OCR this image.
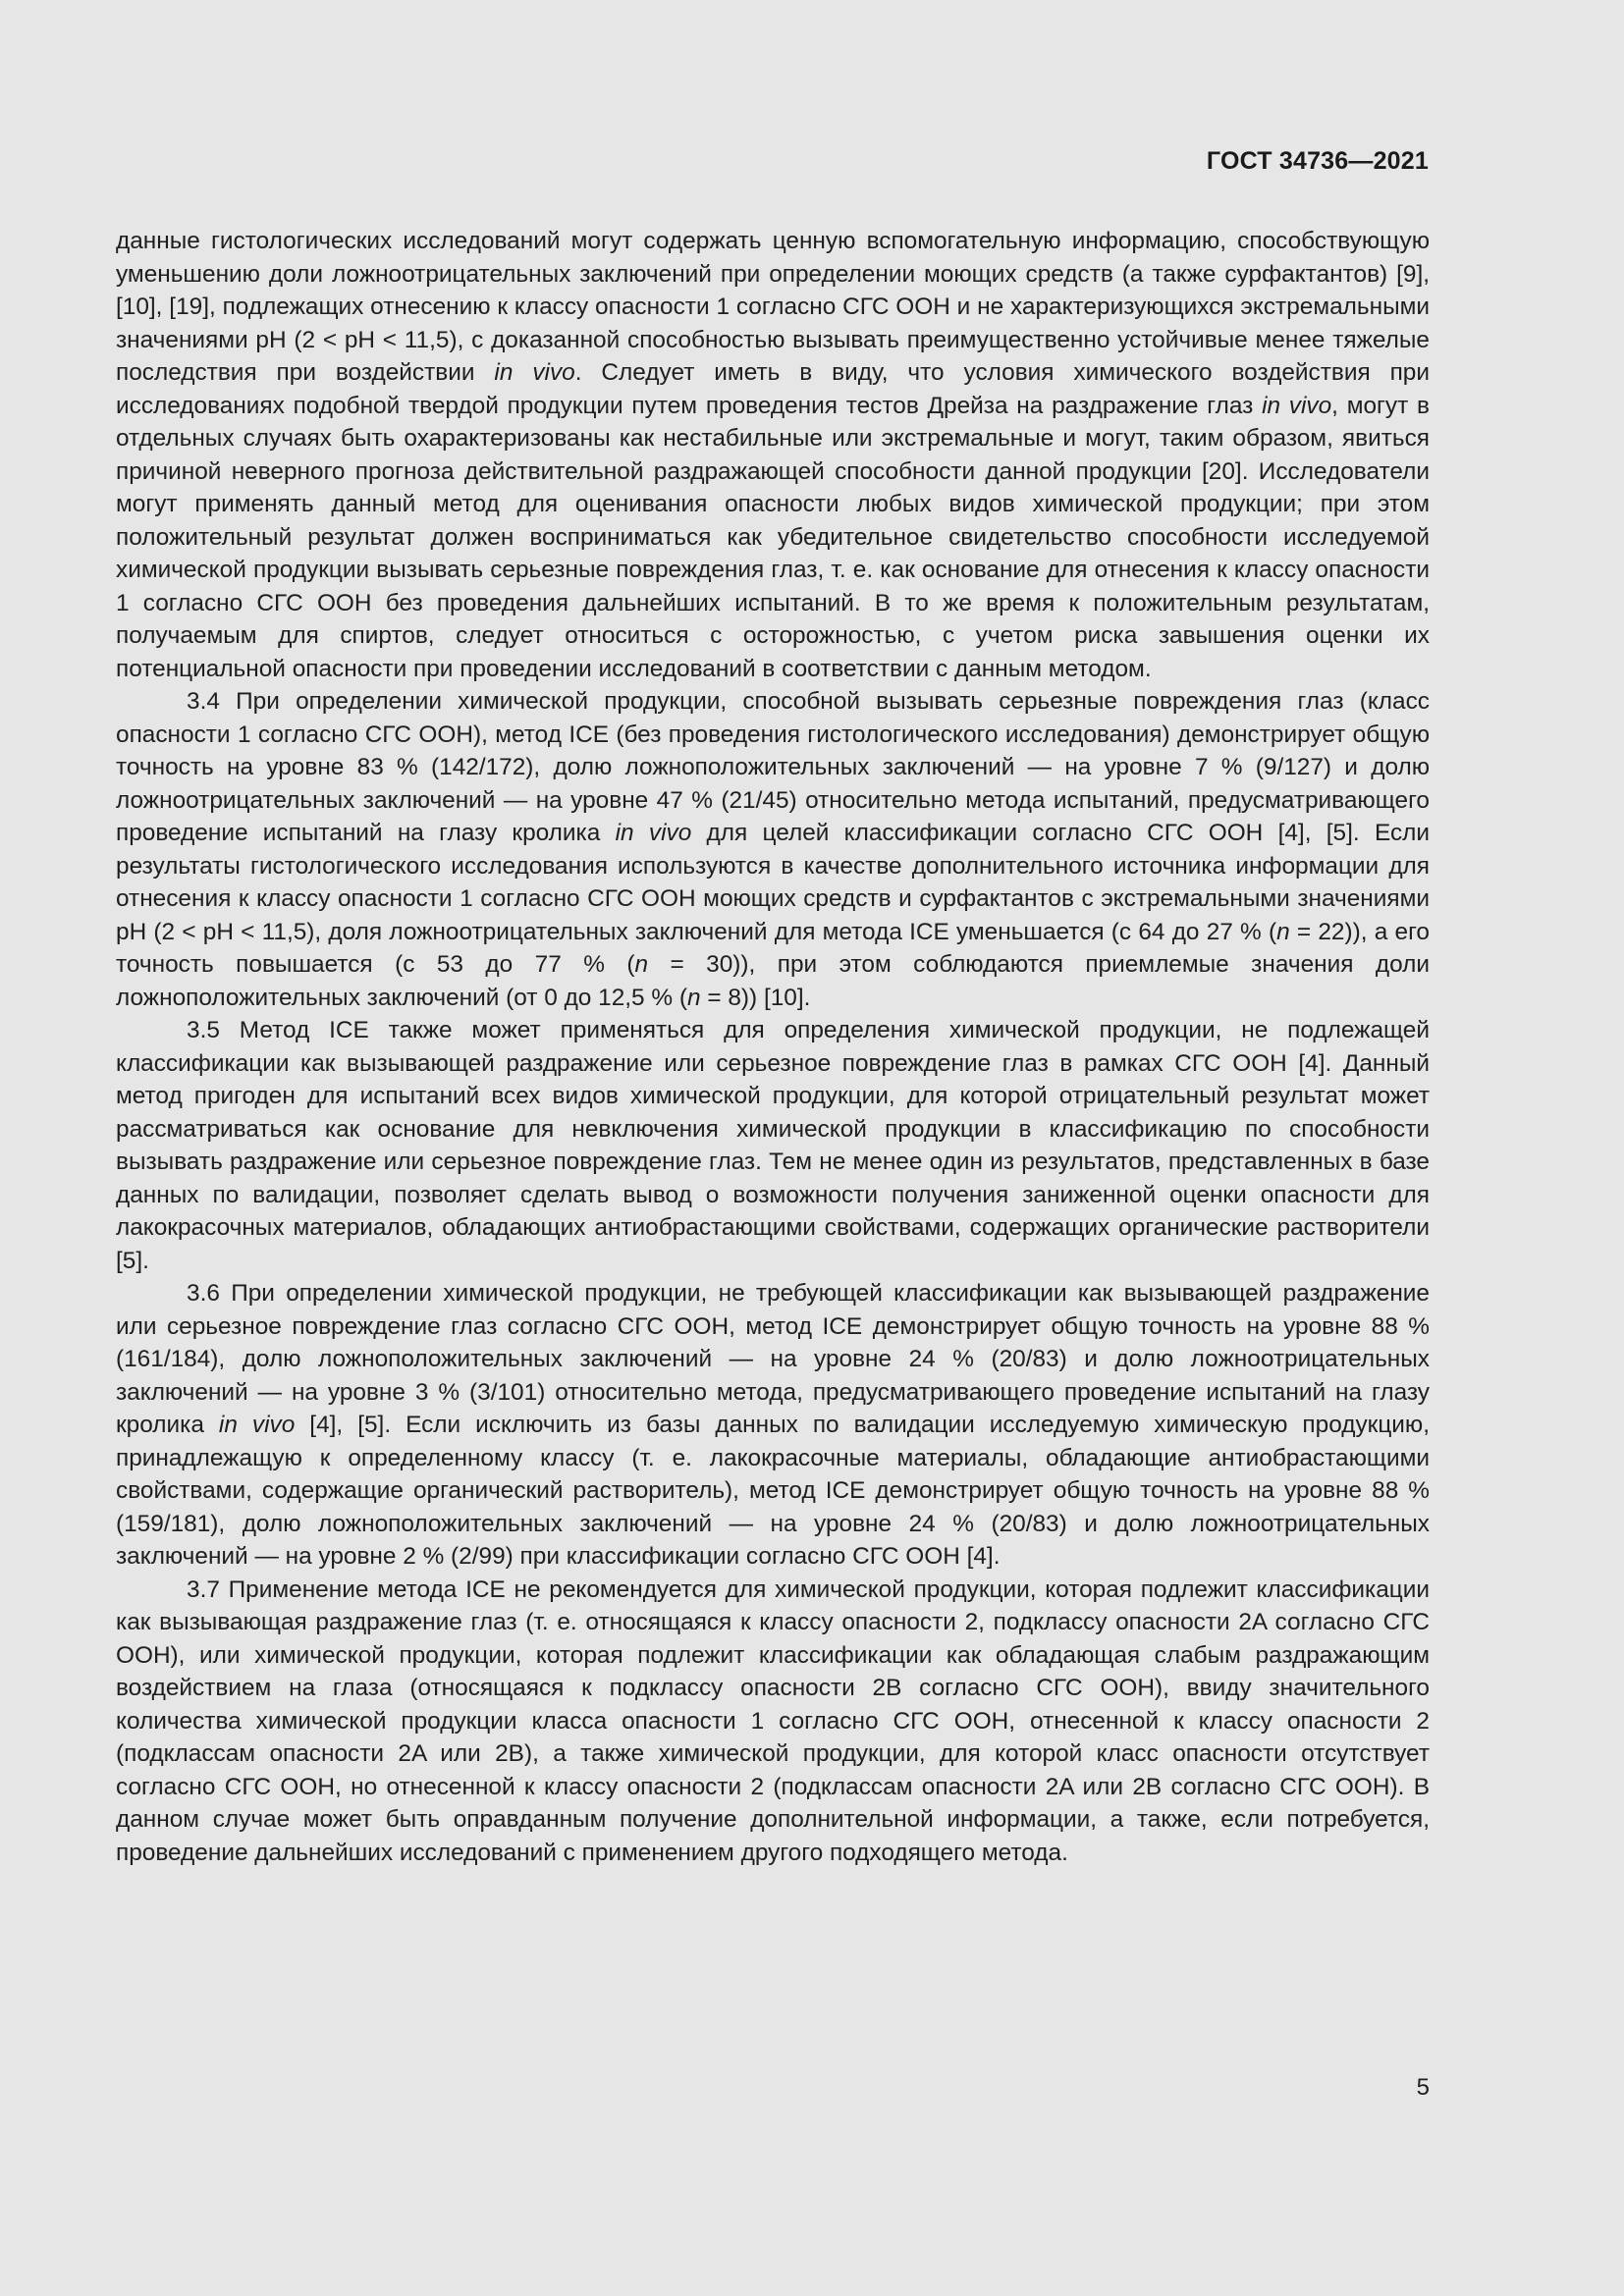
ГОСТ 34736—2021

данные гистологических исследований могут содержать ценную вспомогательную информацию, способствующую уменьшению доли ложноотрицательных заключений при определении моющих средств (а также сурфактантов) [9], [10], [19], подлежащих отнесению к классу опасности 1 согласно СГС ООН и не характеризующихся экстремальными значениями pH (2 < pH < 11,5), с доказанной способностью вызывать преимущественно устойчивые менее тяжелые последствия при воздействии in vivo. Следует иметь в виду, что условия химического воздействия при исследованиях подобной твердой продукции путем проведения тестов Дрейза на раздражение глаз in vivo, могут в отдельных случаях быть охарактеризованы как нестабильные или экстремальные и могут, таким образом, явиться причиной неверного прогноза действительной раздражающей способности данной продукции [20]. Исследователи могут применять данный метод для оценивания опасности любых видов химической продукции; при этом положительный результат должен восприниматься как убедительное свидетельство способности исследуемой химической продукции вызывать серьезные повреждения глаз, т. е. как основание для отнесения к классу опасности 1 согласно СГС ООН без проведения дальнейших испытаний. В то же время к положительным результатам, получаемым для спиртов, следует относиться с осторожностью, с учетом риска завышения оценки их потенциальной опасности при проведении исследований в соответствии с данным методом.

3.4 При определении химической продукции, способной вызывать серьезные повреждения глаз (класс опасности 1 согласно СГС ООН), метод ICE (без проведения гистологического исследования) демонстрирует общую точность на уровне 83 % (142/172), долю ложноположительных заключений — на уровне 7 % (9/127) и долю ложноотрицательных заключений — на уровне 47 % (21/45) относительно метода испытаний, предусматривающего проведение испытаний на глазу кролика in vivo для целей классификации согласно СГС ООН [4], [5]. Если результаты гистологического исследования используются в качестве дополнительного источника информации для отнесения к классу опасности 1 согласно СГС ООН моющих средств и сурфактантов с экстремальными значениями pH (2 < pH < 11,5), доля ложноотрицательных заключений для метода ICE уменьшается (с 64 до 27 % (n = 22)), а его точность повышается (с 53 до 77 % (n = 30)), при этом соблюдаются приемлемые значения доли ложноположительных заключений (от 0 до 12,5 % (n = 8)) [10].

3.5 Метод ICE также может применяться для определения химической продукции, не подлежащей классификации как вызывающей раздражение или серьезное повреждение глаз в рамках СГС ООН [4]. Данный метод пригоден для испытаний всех видов химической продукции, для которой отрицательный результат может рассматриваться как основание для невключения химической продукции в классификацию по способности вызывать раздражение или серьезное повреждение глаз. Тем не менее один из результатов, представленных в базе данных по валидации, позволяет сделать вывод о возможности получения заниженной оценки опасности для лакокрасочных материалов, обладающих антиобрастающими свойствами, содержащих органические растворители [5].

3.6 При определении химической продукции, не требующей классификации как вызывающей раздражение или серьезное повреждение глаз согласно СГС ООН, метод ICE демонстрирует общую точность на уровне 88 % (161/184), долю ложноположительных заключений — на уровне 24 % (20/83) и долю ложноотрицательных заключений — на уровне 3 % (3/101) относительно метода, предусматривающего проведение испытаний на глазу кролика in vivo [4], [5]. Если исключить из базы данных по валидации исследуемую химическую продукцию, принадлежащую к определенному классу (т. е. лакокрасочные материалы, обладающие антиобрастающими свойствами, содержащие органический растворитель), метод ICE демонстрирует общую точность на уровне 88 % (159/181), долю ложноположительных заключений — на уровне 24 % (20/83) и долю ложноотрицательных заключений — на уровне 2 % (2/99) при классификации согласно СГС ООН [4].

3.7 Применение метода ICE не рекомендуется для химической продукции, которая подлежит классификации как вызывающая раздражение глаз (т. е. относящаяся к классу опасности 2, подклассу опасности 2A согласно СГС ООН), или химической продукции, которая подлежит классификации как обладающая слабым раздражающим воздействием на глаза (относящаяся к подклассу опасности 2B согласно СГС ООН), ввиду значительного количества химической продукции класса опасности 1 согласно СГС ООН, отнесенной к классу опасности 2 (подклассам опасности 2A или 2B), а также химической продукции, для которой класс опасности отсутствует согласно СГС ООН, но отнесенной к классу опасности 2 (подклассам опасности 2A или 2B согласно СГС ООН). В данном случае может быть оправданным получение дополнительной информации, а также, если потребуется, проведение дальнейших исследований с применением другого подходящего метода.

5
